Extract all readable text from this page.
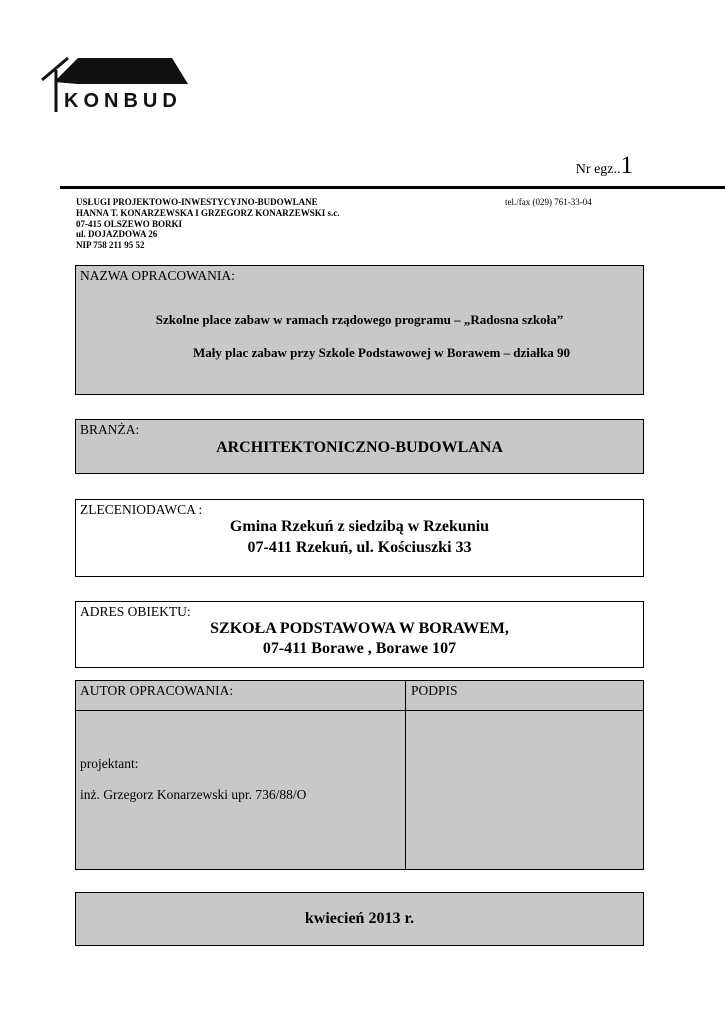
KONBUD
Nr egz..1
USŁUGI PROJEKTOWO-INWESTYCYJNO-BUDOWLANE
HANNA T. KONARZEWSKA I GRZEGORZ KONARZEWSKI s.c.
07-415 OLSZEWO BORKI
ul. DOJAZDOWA 26
NIP 758 211 95 52
tel./fax (029) 761-33-04
NAZWA OPRACOWANIA:
Szkolne place zabaw w ramach rządowego programu – „Radosna szkoła”
Mały plac zabaw przy Szkole Podstawowej w Borawem – działka 90
BRANŻA:
ARCHITEKTONICZNO-BUDOWLANA
ZLECENIODAWCA :
Gmina Rzekuń z siedzibą w Rzekuniu
07-411 Rzekuń, ul. Kościuszki 33
ADRES OBIEKTU:
SZKOŁA PODSTAWOWA W BORAWEM,
07-411 Borawe , Borawe 107
AUTOR OPRACOWANIA:	PODPIS
projektant:
inż. Grzegorz Konarzewski upr. 736/88/O
kwiecień 2013 r.
